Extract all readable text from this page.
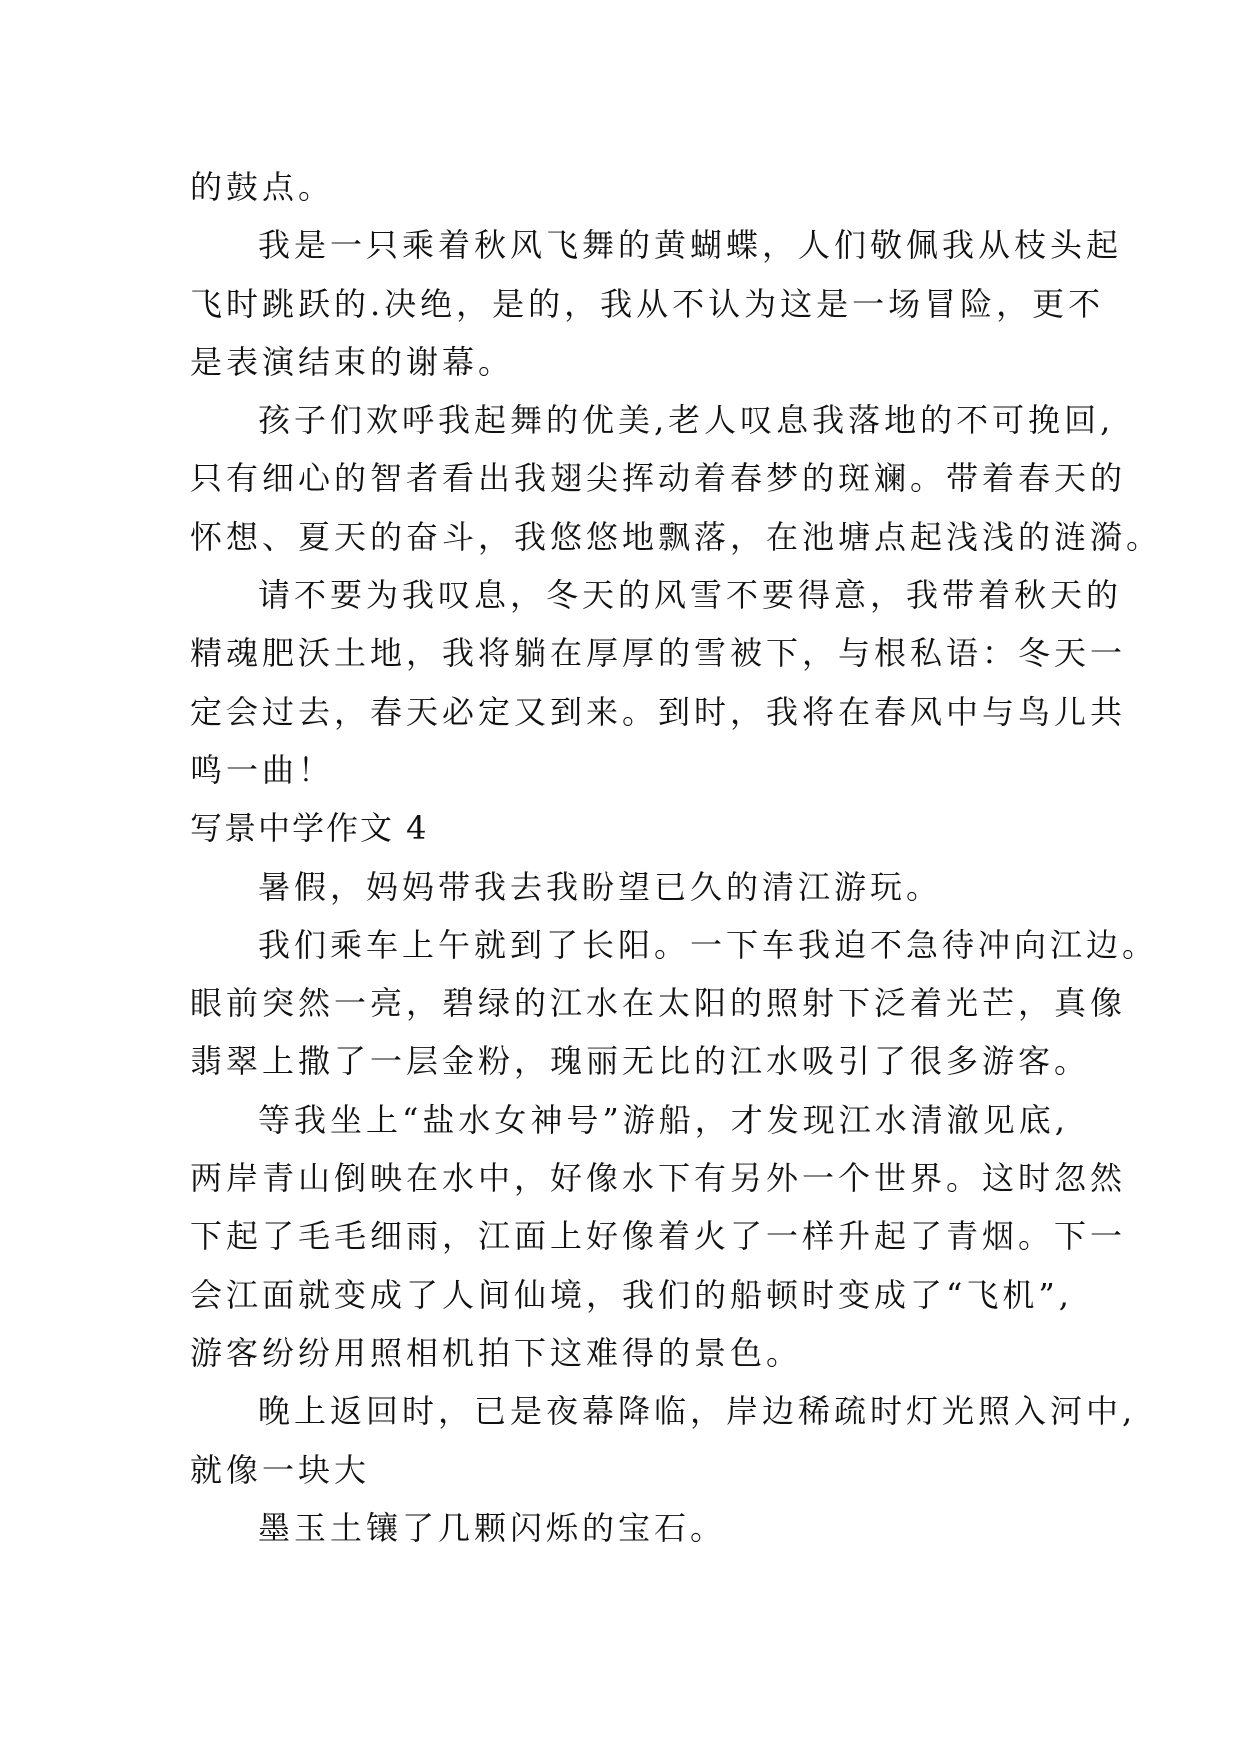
的鼓点。
我是一只乘着秋风飞舞的黄蝴蝶，人们敬佩我从枝头起
飞时跳跃的.决绝，是的，我从不认为这是一场冒险，更不
是表演结束的谢幕。
孩子们欢呼我起舞的优美,老人叹息我落地的不可挽回,
只有细心的智者看出我翅尖挥动着春梦的斑斓。带着春天的
怀想、夏天的奋斗，我悠悠地飘落，在池塘点起浅浅的涟漪。
请不要为我叹息，冬天的风雪不要得意，我带着秋天的
精魂肥沃土地，我将躺在厚厚的雪被下，与根私语：冬天一
定会过去，春天必定又到来。到时，我将在春风中与鸟儿共
鸣一曲！
写景中学作文 4
暑假，妈妈带我去我盼望已久的清江游玩。
我们乘车上午就到了长阳。一下车我迫不急待冲向江边。
眼前突然一亮，碧绿的江水在太阳的照射下泛着光芒，真像
翡翠上撒了一层金粉，瑰丽无比的江水吸引了很多游客。
等我坐上“盐水女神号”游船，才发现江水清澈见底,
两岸青山倒映在水中，好像水下有另外一个世界。这时忽然
下起了毛毛细雨，江面上好像着火了一样升起了青烟。下一
会江面就变成了人间仙境，我们的船顿时变成了“飞机”,
游客纷纷用照相机拍下这难得的景色。
晚上返回时，已是夜幕降临，岸边稀疏时灯光照入河中,
就像一块大
墨玉土镶了几颗闪烁的宝石。
